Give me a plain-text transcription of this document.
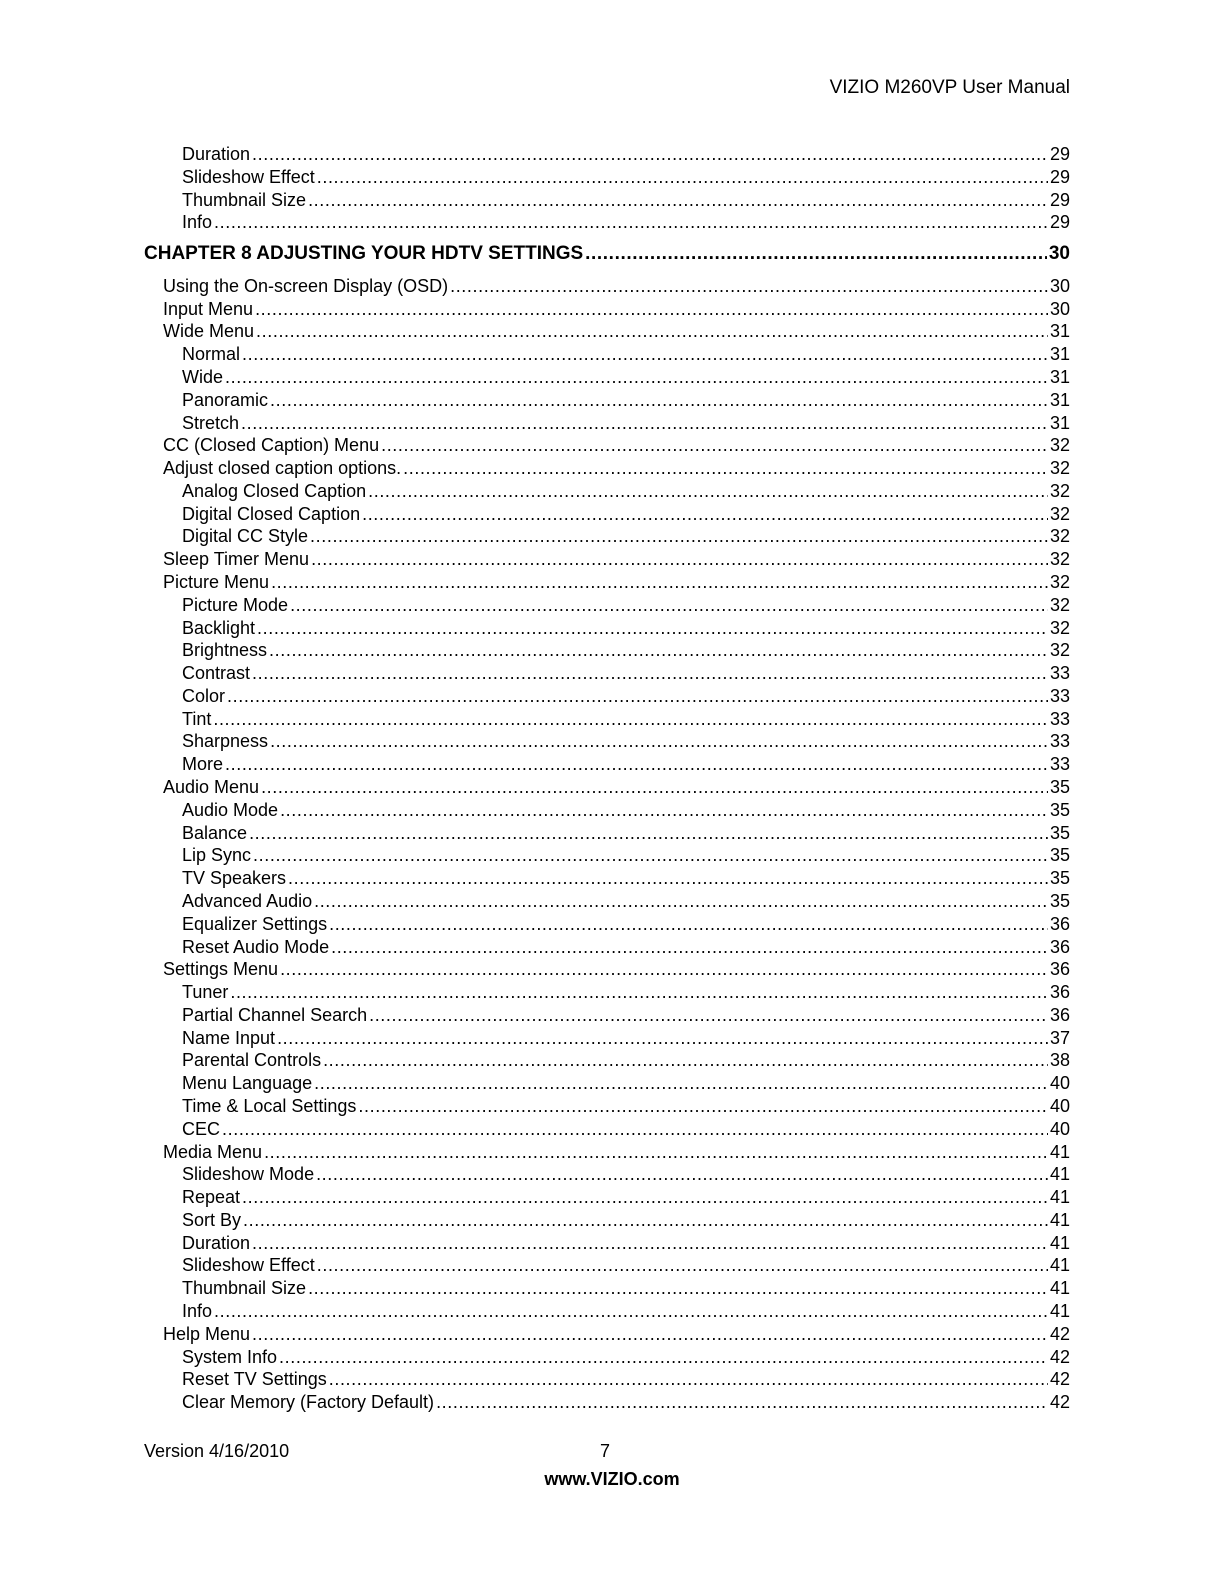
VIZIO M260VP User Manual
Duration .....	29
Slideshow Effect .....	29
Thumbnail Size .....	29
Info .....	29
CHAPTER 8 ADJUSTING YOUR HDTV SETTINGS .....	30
Using the On-screen Display (OSD) .....	30
Input Menu .....	30
Wide Menu .....	31
Normal .....	31
Wide .....	31
Panoramic .....	31
Stretch .....	31
CC (Closed Caption) Menu .....	32
Adjust closed caption options. .....	32
Analog Closed Caption .....	32
Digital Closed Caption .....	32
Digital CC Style .....	32
Sleep Timer Menu .....	32
Picture Menu .....	32
Picture Mode .....	32
Backlight .....	32
Brightness .....	32
Contrast .....	33
Color .....	33
Tint .....	33
Sharpness .....	33
More .....	33
Audio Menu .....	35
Audio Mode .....	35
Balance .....	35
Lip Sync .....	35
TV Speakers .....	35
Advanced Audio .....	35
Equalizer Settings .....	36
Reset Audio Mode .....	36
Settings Menu .....	36
Tuner .....	36
Partial Channel Search .....	36
Name Input .....	37
Parental Controls .....	38
Menu Language .....	40
Time & Local Settings .....	40
CEC .....	40
Media Menu .....	41
Slideshow Mode .....	41
Repeat .....	41
Sort By .....	41
Duration .....	41
Slideshow Effect .....	41
Thumbnail Size .....	41
Info .....	41
Help Menu .....	42
System Info .....	42
Reset TV Settings .....	42
Clear Memory (Factory Default) .....	42
Version 4/16/2010	7
www.VIZIO.com
